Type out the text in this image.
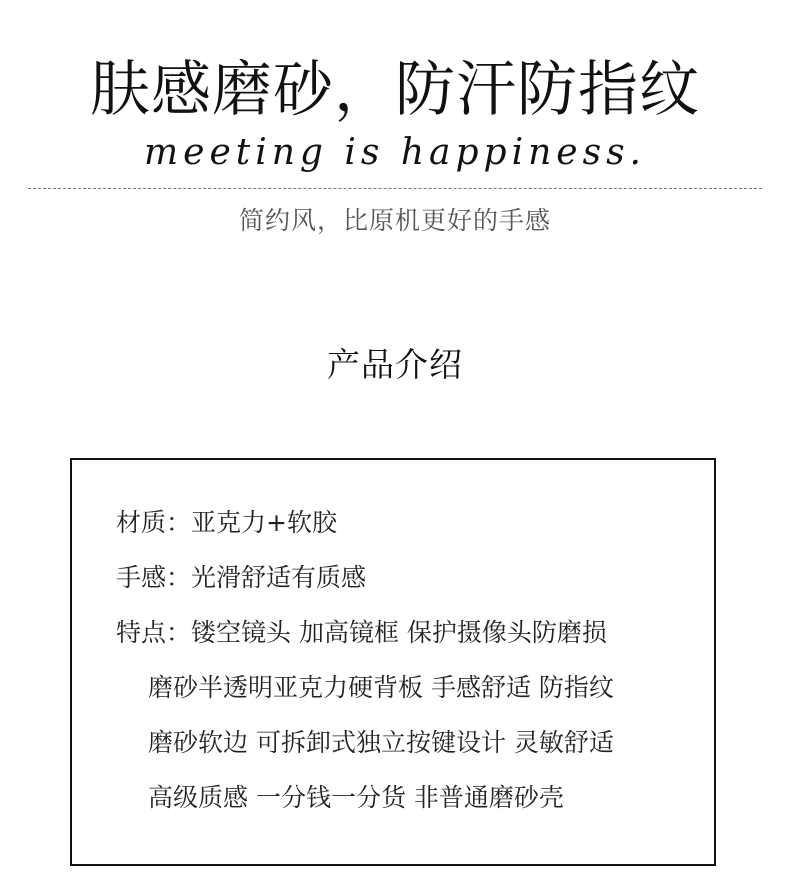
肤感磨砂，防汗防指纹
meeting is happiness.
简约风，比原机更好的手感
产品介绍
材质：亚克力+软胶
手感：光滑舒适有质感
特点：镂空镜头 加高镜框 保护摄像头防磨损
磨砂半透明亚克力硬背板 手感舒适 防指纹
磨砂软边 可拆卸式独立按键设计 灵敏舒适
高级质感 一分钱一分货 非普通磨砂壳
